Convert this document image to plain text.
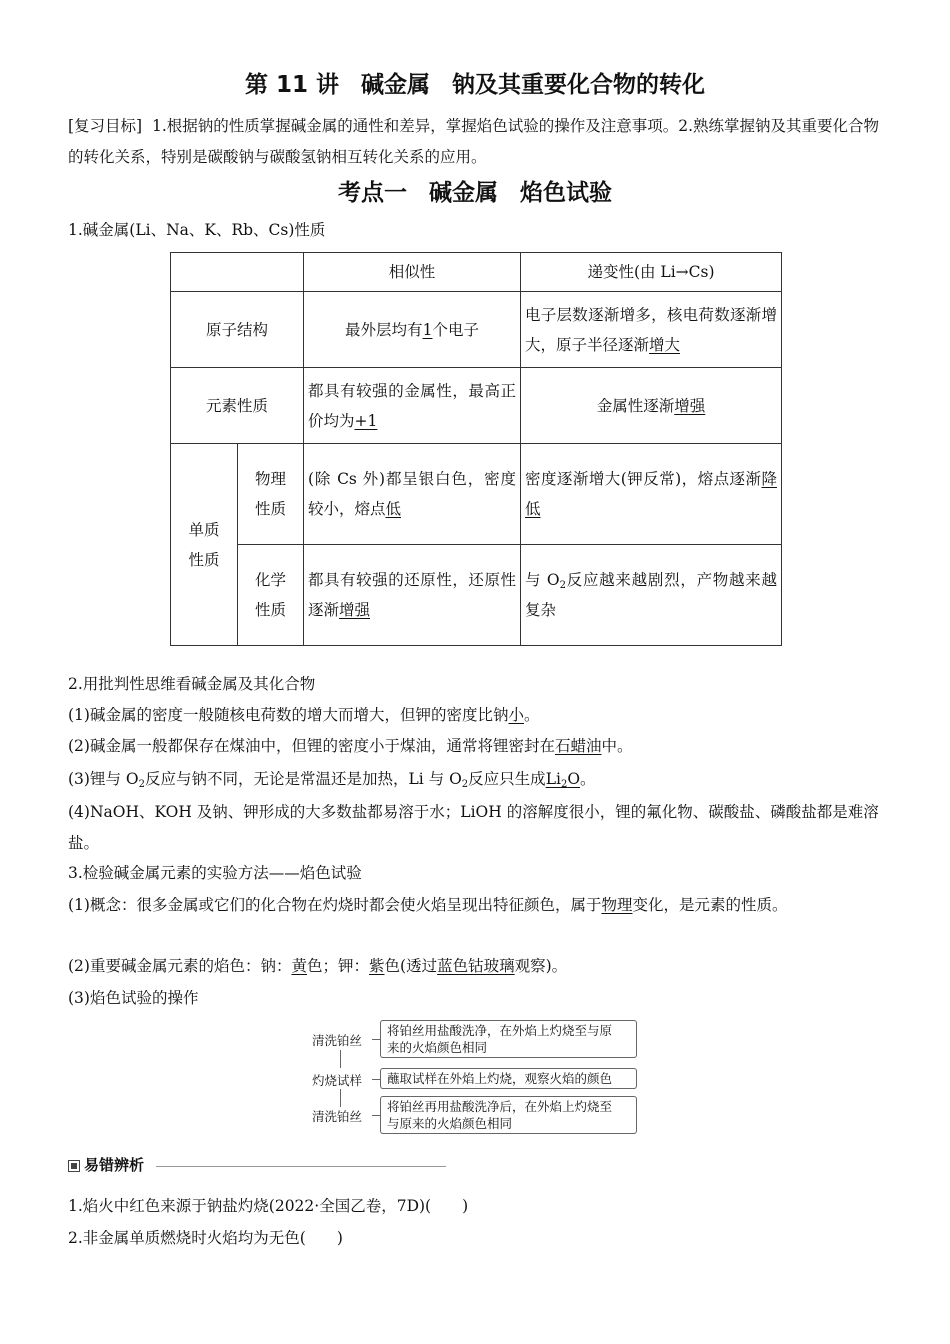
第 11 讲 碱金属 钠及其重要化合物的转化
[复习目标] 1.根据钠的性质掌握碱金属的通性和差异，掌握焰色试验的操作及注意事项。2.熟练掌握钠及其重要化合物的转化关系，特别是碳酸钠与碳酸氢钠相互转化关系的应用。
考点一 碱金属 焰色试验
1.碱金属(Li、Na、K、Rb、Cs)性质
		相似性	递变性(由 Li→Cs)
原子结构		最外层均有1个电子	电子层数逐渐增多，核电荷数逐渐增大，原子半径逐渐增大
元素性质		都具有较强的金属性，最高正价均为+1	金属性逐渐增强
单质性质	物理性质	(除 Cs 外)都呈银白色，密度较小，熔点低	密度逐渐增大(钾反常)，熔点逐渐降低
	化学性质	都具有较强的还原性，还原性逐渐增强	与 $O_2$反应越来越剧烈，产物越来越复杂
2.用批判性思维看碱金属及其化合物
(1)碱金属的密度一般随核电荷数的增大而增大，但钾的密度比钠小。
(2)碱金属一般都保存在煤油中，但锂的密度小于煤油，通常将锂密封在石蜡油中。
(3)锂与 $O_2$反应与钠不同，无论是常温还是加热，Li 与 $O_2$反应只生成$Li_2O$。
(4)NaOH、KOH 及钠、钾形成的大多数盐都易溶于水；LiOH 的溶解度很小，锂的氟化物、碳酸盐、磷酸盐都是难溶盐。
3.检验碱金属元素的实验方法——焰色试验
(1)概念：很多金属或它们的化合物在灼烧时都会使火焰呈现出特征颜色，属于物理变化，是元素的性质。
(2)重要碱金属元素的焰色：钠：黄色；钾：紫色(透过蓝色钴玻璃观察)。
(3)焰色试验的操作
清洗铂丝
将铂丝用盐酸洗净，在外焰上灼烧至与原
来的火焰颜色相同
灼烧试样	蘸取试样在外焰上灼烧，观察火焰的颜色
清洗铂丝
将铂丝再用盐酸洗净后，在外焰上灼烧至
与原来的火焰颜色相同
易错辨析
1.焰火中红色来源于钠盐灼烧(2022·全国乙卷，7D)(　　)
2.非金属单质燃烧时火焰均为无色(　　)
